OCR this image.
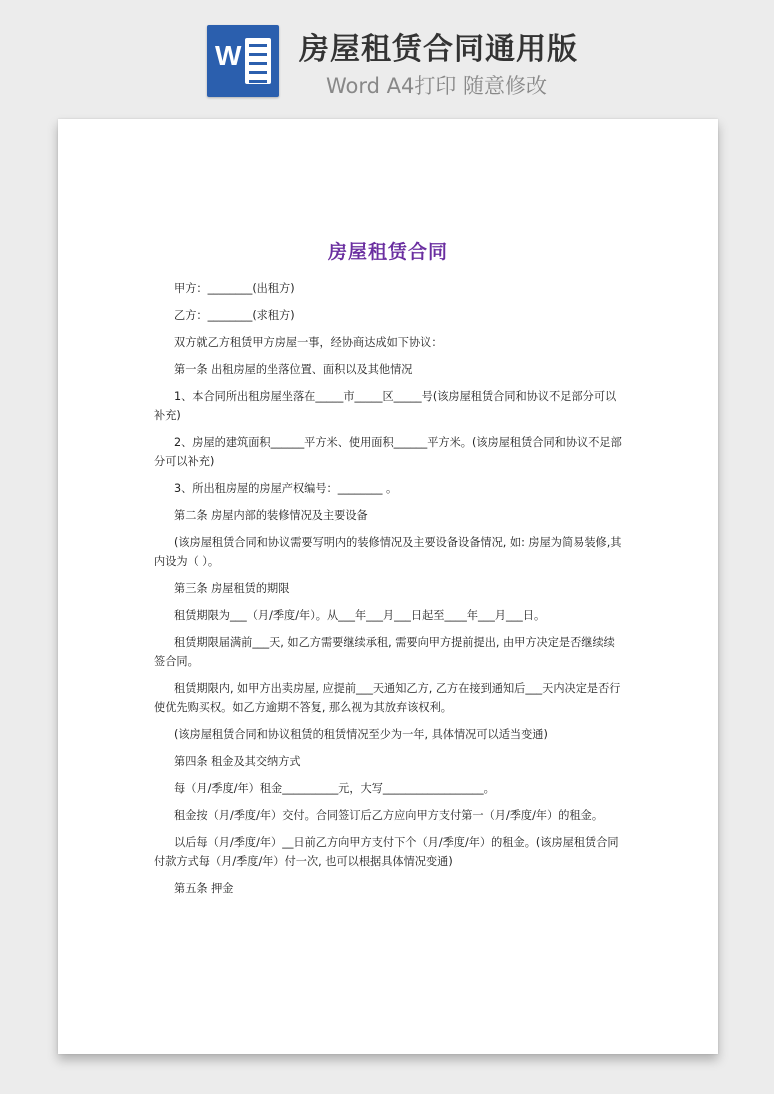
W 房屋租赁合同通用版
Word A4打印 随意修改
房屋租赁合同

甲方：________(出租方)

乙方：________(求租方)

双方就乙方租赁甲方房屋一事，经协商达成如下协议：

第一条 出租房屋的坐落位置、面积以及其他情况

1、本合同所出租房屋坐落在_____市_____区_____号(该房屋租赁合同和协议不足部分可以补充)

2、房屋的建筑面积______平方米、使用面积______平方米。(该房屋租赁合同和协议不足部分可以补充)

3、所出租房屋的房屋产权编号：________ 。

第二条 房屋内部的装修情况及主要设备

(该房屋租赁合同和协议需要写明内的装修情况及主要设备设备情况, 如: 房屋为简易装修,其内设为（ ）。

第三条 房屋租赁的期限

租赁期限为___（月/季度/年）。从___年___月___日起至____年___月___日。

租赁期限届满前___天, 如乙方需要继续承租, 需要向甲方提前提出, 由甲方决定是否继续续签合同。

租赁期限内, 如甲方出卖房屋, 应提前___天通知乙方, 乙方在接到通知后___天内决定是否行使优先购买权。如乙方逾期不答复, 那么视为其放弃该权利。

(该房屋租赁合同和协议租赁的租赁情况至少为一年, 具体情况可以适当变通)

第四条 租金及其交纳方式

每（月/季度/年）租金__________元，大写__________________。

租金按（月/季度/年）交付。合同签订后乙方应向甲方支付第一（月/季度/年）的租金。

以后每（月/季度/年）__日前乙方向甲方支付下个（月/季度/年）的租金。(该房屋租赁合同付款方式每（月/季度/年）付一次, 也可以根据具体情况变通)

第五条 押金
